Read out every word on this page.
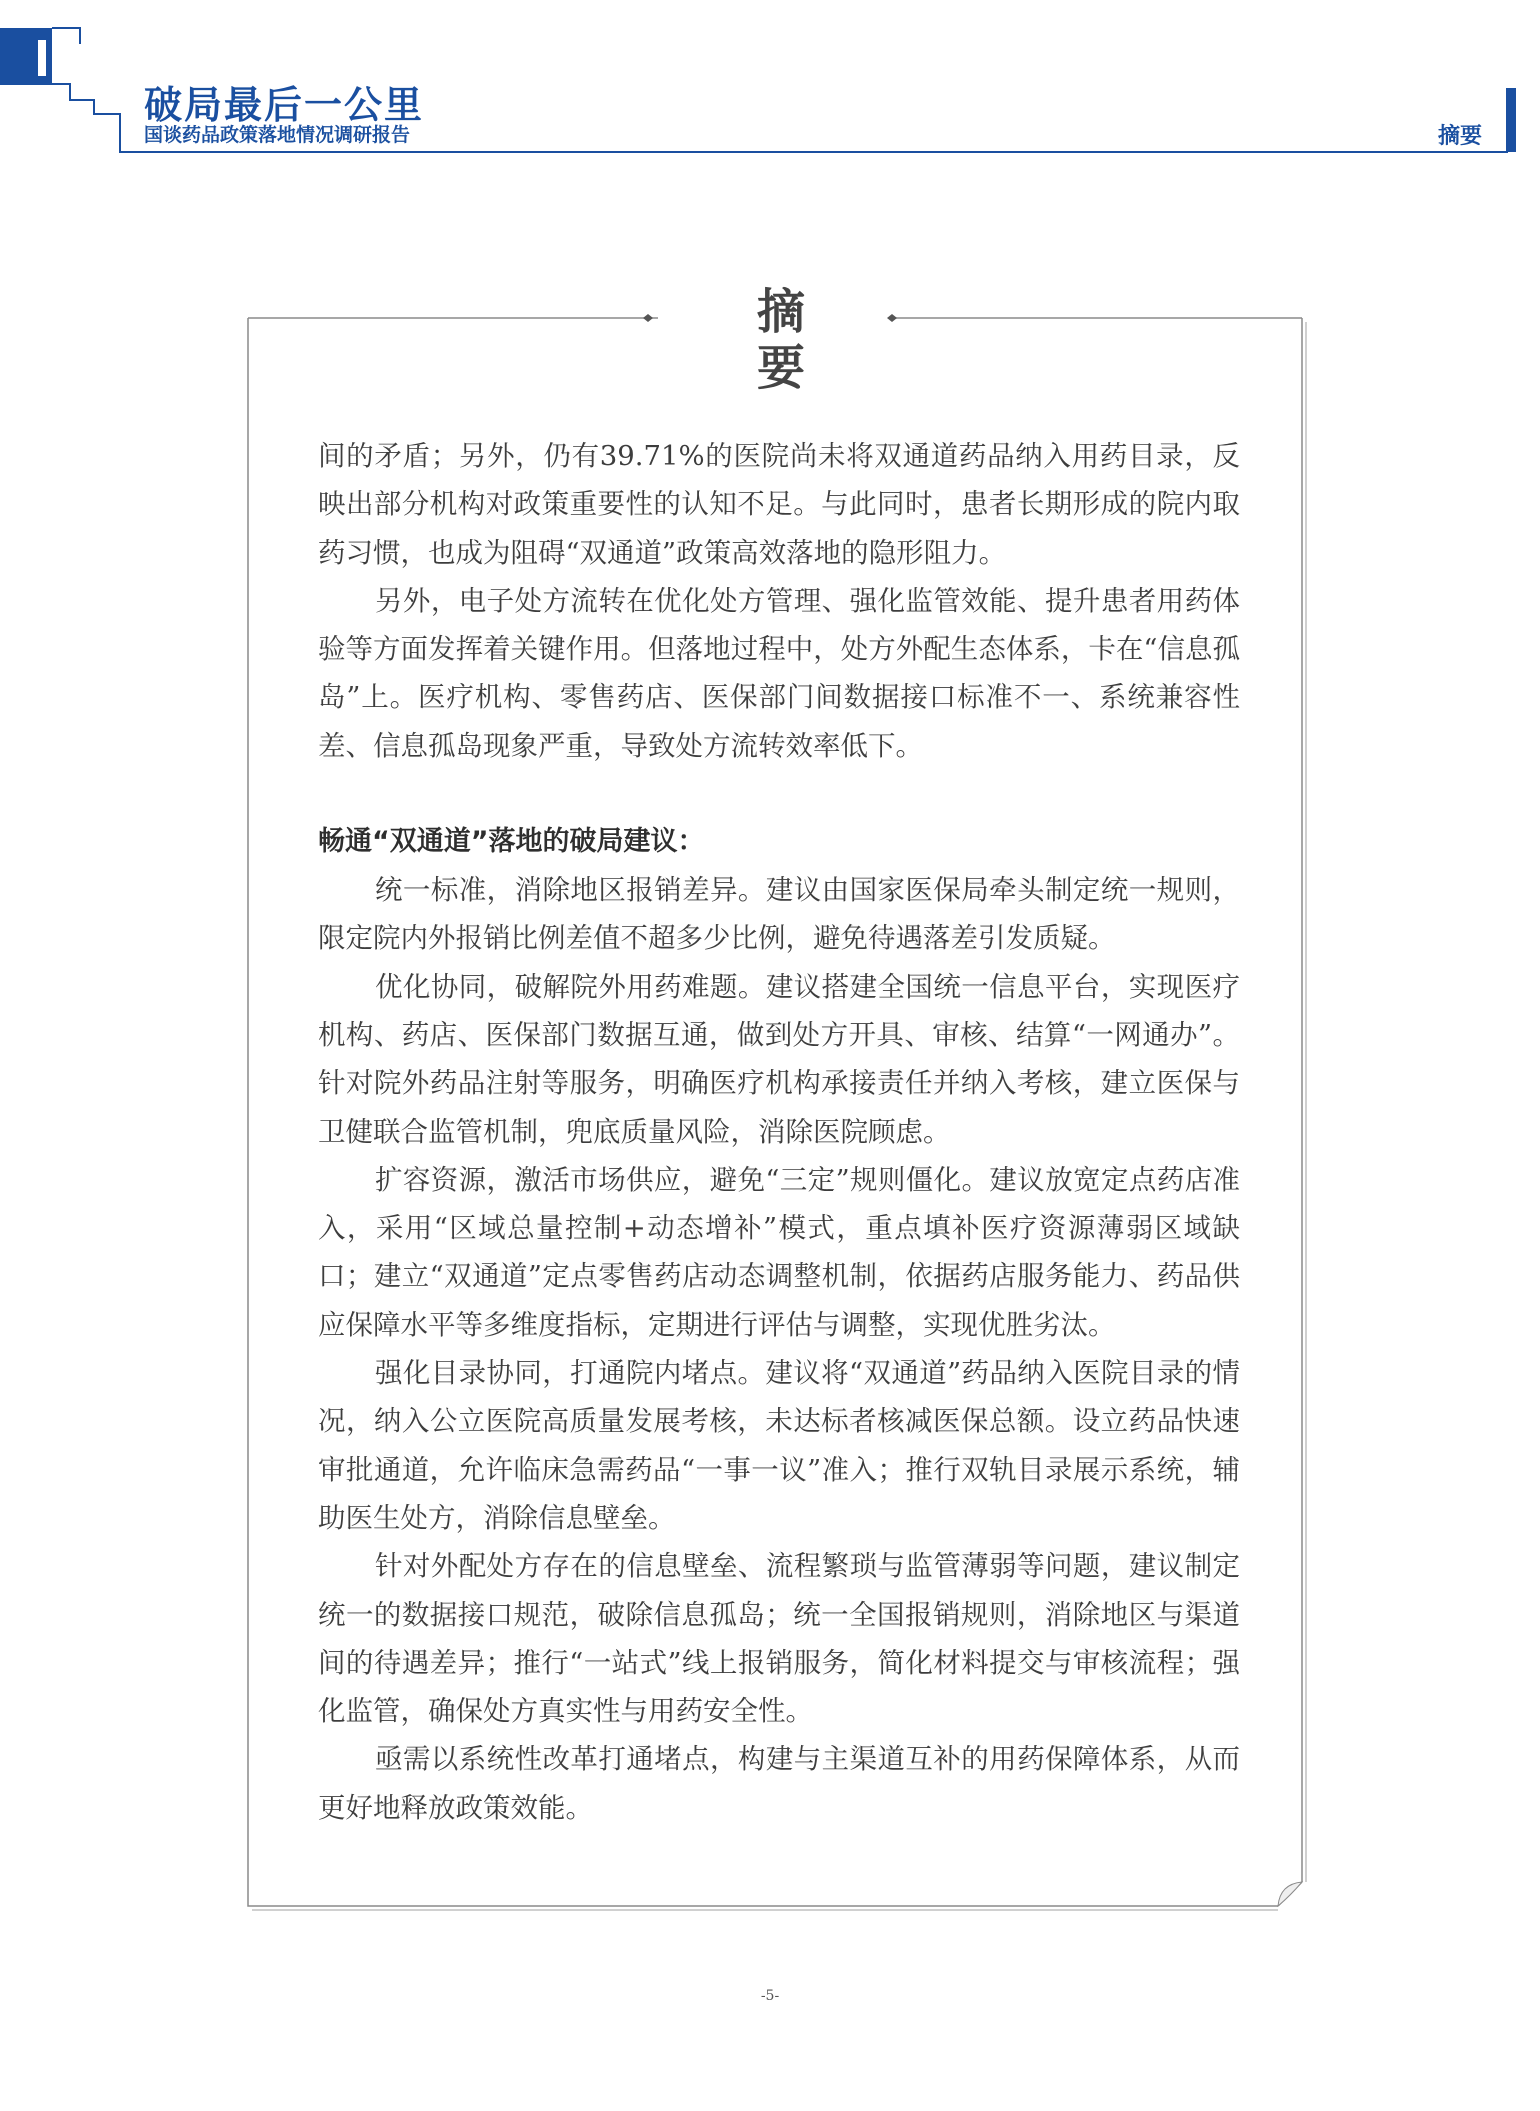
破局最后一公里
国谈药品政策落地情况调研报告	摘要
摘 要

间的矛盾；另外，仍有39.71%的医院尚未将双通道药品纳入用药目录，反映出部分机构对政策重要性的认知不足。与此同时，患者长期形成的院内取药习惯，也成为阻碍“双通道”政策高效落地的隐形阻力。

另外，电子处方流转在优化处方管理、强化监管效能、提升患者用药体验等方面发挥着关键作用。但落地过程中，处方外配生态体系，卡在“信息孤岛”上。医疗机构、零售药店、医保部门间数据接口标准不一、系统兼容性差、信息孤岛现象严重，导致处方流转效率低下。

畅通“双通道”落地的破局建议：

统一标准，消除地区报销差异。建议由国家医保局牵头制定统一规则，限定院内外报销比例差值不超多少比例，避免待遇落差引发质疑。

优化协同，破解院外用药难题。建议搭建全国统一信息平台，实现医疗机构、药店、医保部门数据互通，做到处方开具、审核、结算“一网通办”。针对院外药品注射等服务，明确医疗机构承接责任并纳入考核，建立医保与卫健联合监管机制，兜底质量风险，消除医院顾虑。

扩容资源，激活市场供应，避免“三定”规则僵化。建议放宽定点药店准入，采用“区域总量控制+动态增补”模式，重点填补医疗资源薄弱区域缺口；建立“双通道”定点零售药店动态调整机制，依据药店服务能力、药品供应保障水平等多维度指标，定期进行评估与调整，实现优胜劣汰。

强化目录协同，打通院内堵点。建议将“双通道”药品纳入医院目录的情况，纳入公立医院高质量发展考核，未达标者核减医保总额。设立药品快速审批通道，允许临床急需药品“一事一议”准入；推行双轨目录展示系统，辅助医生处方，消除信息壁垒。

针对外配处方存在的信息壁垒、流程繁琐与监管薄弱等问题，建议制定统一的数据接口规范，破除信息孤岛；统一全国报销规则，消除地区与渠道间的待遇差异；推行“一站式”线上报销服务，简化材料提交与审核流程；强化监管，确保处方真实性与用药安全性。

亟需以系统性改革打通堵点，构建与主渠道互补的用药保障体系，从而更好地释放政策效能。

-5-
